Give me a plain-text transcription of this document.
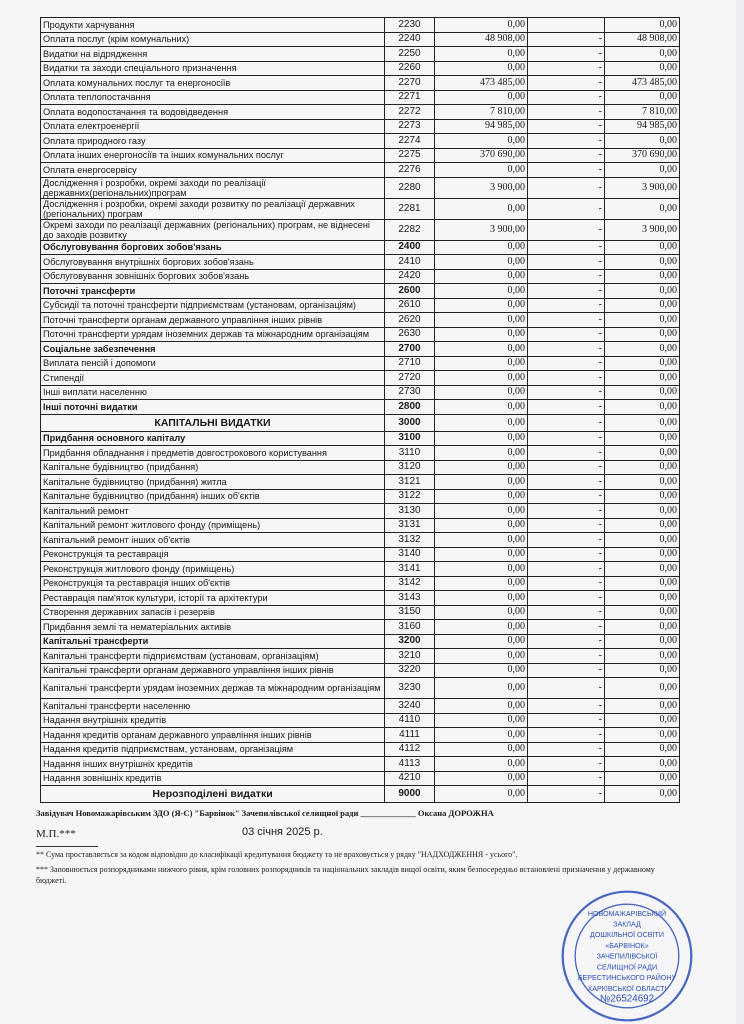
Продукти харчування	2230	0,00		0,00
Оплата послуг (крім комунальних)	2240	48 908,00	-	48 908,00
Видатки на відрядження	2250	0,00	-	0,00
Видатки та заходи спеціального призначення	2260	0,00	-	0,00
Оплата комунальних послуг та енергоносіїв	2270	473 485,00	-	473 485,00
Оплата теплопостачання	2271	0,00	-	0,00
Оплата водопостачання та водовідведення	2272	7 810,00	-	7 810,00
Оплата електроенергії	2273	94 985,00	-	94 985,00
Оплата природного газу	2274	0,00	-	0,00
Оплата інших енергоносіїв та інших комунальних послуг	2275	370 690,00	-	370 690,00
Оплата енергосервісу	2276	0,00	-	0,00
Дослідження і розробки, окремі заходи по реалізації державних(регіональних)програм	2280	3 900,00	-	3 900,00
Дослідження і розробки, окремі заходи розвитку по реалізації державних (регіональних) програм	2281	0,00	-	0,00
Окремі заходи по реалізації державних (регіональних) програм, не віднесені до заходів розвитку	2282	3 900,00	-	3 900,00
Обслуговування боргових зобов'язань	2400	0,00	-	0,00
Обслуговування внутрішніх боргових зобов'язань	2410	0,00	-	0,00
Обслуговування зовнішніх боргових зобов'язань	2420	0,00	-	0,00
Поточні трансферти	2600	0,00	-	0,00
Субсидії та поточні трансферти підприємствам (установам, організаціям)	2610	0,00	-	0,00
Поточні трансферти органам державного управління інших рівнів	2620	0,00	-	0,00
Поточні трансферти урядам іноземних держав та міжнародним організаціям	2630	0,00	-	0,00
Соціальне забезпечення	2700	0,00	-	0,00
Виплата пенсій і допомоги	2710	0,00	-	0,00
Стипендії	2720	0,00	-	0,00
Інші виплати населенню	2730	0,00	-	0,00
Інші поточні видатки	2800	0,00	-	0,00
КАПІТАЛЬНІ ВИДАТКИ	3000	0,00	-	0,00
Придбання основного капіталу	3100	0,00	-	0,00
Придбання обладнання і предметів довгострокового користування	3110	0,00	-	0,00
Капітальне будівництво (придбання)	3120	0,00	-	0,00
Капітальне будівництво (придбання) житла	3121	0,00	-	0,00
Капітальне будівництво (придбання) інших об'єктів	3122	0,00	-	0,00
Капітальний ремонт	3130	0,00	-	0,00
Капітальний ремонт житлового фонду (приміщень)	3131	0,00	-	0,00
Капітальний ремонт інших об'єктів	3132	0,00	-	0,00
Реконструкція та реставрація	3140	0,00	-	0,00
Реконструкція житлового фонду (приміщень)	3141	0,00	-	0,00
Реконструкція та реставрація інших об'єктів	3142	0,00	-	0,00
Реставрація пам'яток культури, історії та архітектури	3143	0,00	-	0,00
Створення державних запасів і резервів	3150	0,00	-	0,00
Придбання землі та нематеріальних активів	3160	0,00	-	0,00
Капітальні трансферти	3200	0,00	-	0,00
Капітальні трансферти підприємствам (установам, організаціям)	3210	0,00	-	0,00
Капітальні трансферти органам державного управління інших рівнів	3220	0,00	-	0,00
Капітальні трансферти урядам іноземних держав та міжнародним організаціям	3230	0,00	-	0,00
Капітальні трансферти населенню	3240	0,00	-	0,00
Надання внутрішніх кредитів	4110	0,00	-	0,00
Надання кредитів органам державного управління інших рівнів	4111	0,00	-	0,00
Надання кредитів підприємствам, установам, організаціям	4112	0,00	-	0,00
Надання інших внутрішніх кредитів	4113	0,00	-	0,00
Надання зовнішніх кредитів	4210	0,00	-	0,00
Нерозподілені видатки	9000	0,00	-	0,00
Завідувач Новомажарівським ЗДО (Я-С) "Барвінок" Зачепилівської селищної ради _____________ Оксана ДОРОЖНА
М.П.***	03 січня 2025 р.
** Сума проставляється за кодом відповідно до класифікації кредитування бюджету та не враховується у рядку "НАДХОДЖЕННЯ - усього".
*** Заповнюється розпорядниками нижчого рівня, крім головних розпорядників та національних закладів вищої освіти, яким безпосередньо встановлені призначення у державному бюджеті.
НОВОМАЖАРІВСЬКИЙ
ЗАКЛАД
ДОШКІЛЬНОЇ ОСВІТИ
«БАРВІНОК»
ЗАЧЕПИЛІВСЬКОЇ
СЕЛИЩНОЇ РАДИ
БЕРЕСТИНСЬКОГО РАЙОНУ
ХАРКІВСЬКОЇ ОБЛАСТІ
№26524692
